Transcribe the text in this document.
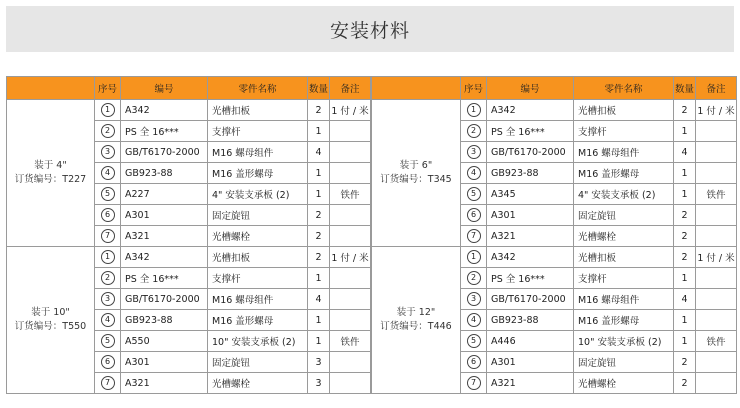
安装材料
	序号	编号	零件名称	数量	备注

装于 4"
订货编号：T227	1	A342	光槽扣板	2	1 付 / 米
	2	PS 全 16***	支撑杆	1	
	3	GB/T6170-2000	M16 螺母组件	4	
	4	GB923-88	M16 盖形螺母	1	
	5	A227	4" 安装支承板 (2)	1	铁件
	6	A301	固定旋钮	2	
	7	A321	光槽螺栓	2	

装于 10"
订货编号：T550	1	A342	光槽扣板	2	1 付 / 米
	2	PS 全 16***	支撑杆	1	
	3	GB/T6170-2000	M16 螺母组件	4	
	4	GB923-88	M16 盖形螺母	1	
	5	A550	10" 安装支承板 (2)	1	铁件
	6	A301	固定旋钮	3	
	7	A321	光槽螺栓	3	
	序号	编号	零件名称	数量	备注

装于 6"
订货编号：T345	1	A342	光槽扣板	2	1 付 / 米
	2	PS 全 16***	支撑杆	1	
	3	GB/T6170-2000	M16 螺母组件	4	
	4	GB923-88	M16 盖形螺母	1	
	5	A345	4" 安装支承板 (2)	1	铁件
	6	A301	固定旋钮	2	
	7	A321	光槽螺栓	2	

装于 12"
订货编号：T446	1	A342	光槽扣板	2	1 付 / 米
	2	PS 全 16***	支撑杆	1	
	3	GB/T6170-2000	M16 螺母组件	4	
	4	GB923-88	M16 盖形螺母	1	
	5	A446	10" 安装支承板 (2)	1	铁件
	6	A301	固定旋钮	2	
	7	A321	光槽螺栓	2	
